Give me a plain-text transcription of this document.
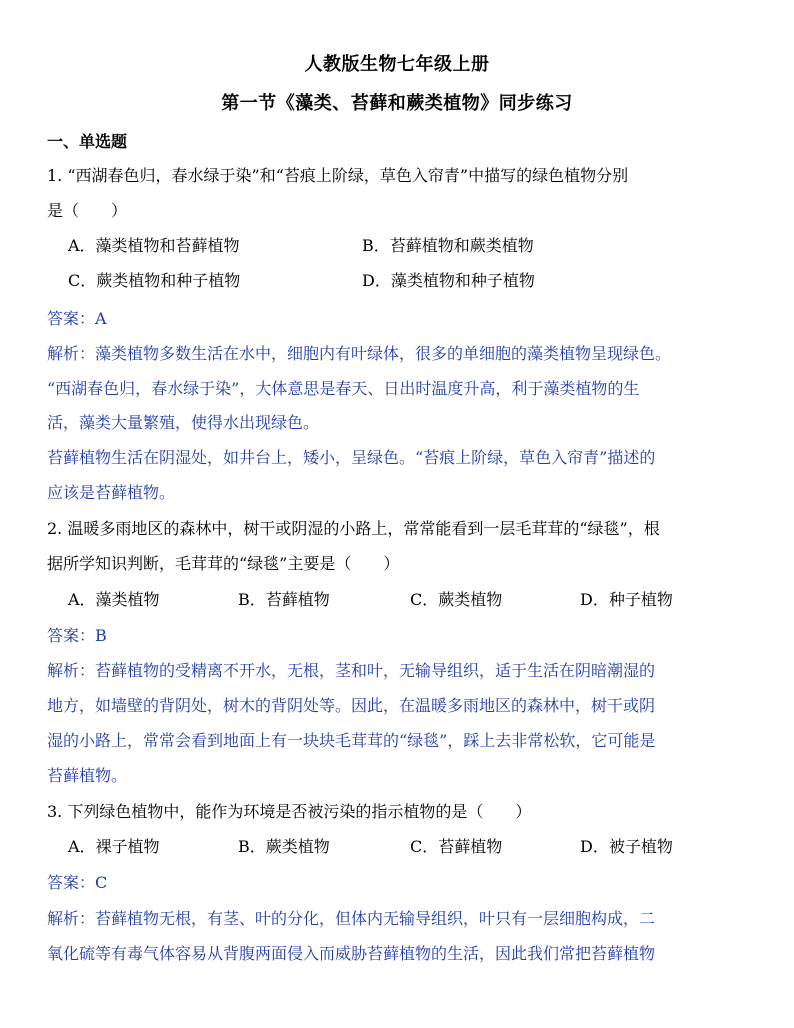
人教版生物七年级上册
第一节《藻类、苔藓和蕨类植物》同步练习
一、单选题
1. “西湖春色归，春水绿于染”和“苔痕上阶绿，草色入帘青”中描写的绿色植物分别
是（　　）
A．藻类植物和苔藓植物	B．苔藓植物和蕨类植物
C．蕨类植物和种子植物	D．藻类植物和种子植物
答案：A
解析：藻类植物多数生活在水中，细胞内有叶绿体，很多的单细胞的藻类植物呈现绿色。
“西湖春色归，春水绿于染”，大体意思是春天、日出时温度升高，利于藻类植物的生
活，藻类大量繁殖，使得水出现绿色。
苔藓植物生活在阴湿处，如井台上，矮小，呈绿色。“苔痕上阶绿，草色入帘青”描述的
应该是苔藓植物。
2. 温暖多雨地区的森林中，树干或阴湿的小路上，常常能看到一层毛茸茸的“绿毯”，根
据所学知识判断，毛茸茸的“绿毯”主要是（　　）
A．藻类植物	B．苔藓植物	C．蕨类植物	D．种子植物
答案：B
解析：苔藓植物的受精离不开水，无根，茎和叶，无输导组织，适于生活在阴暗潮湿的
地方，如墙壁的背阴处，树木的背阴处等。因此，在温暖多雨地区的森林中，树干或阴
湿的小路上，常常会看到地面上有一块块毛茸茸的“绿毯”，踩上去非常松软，它可能是
苔藓植物。
3. 下列绿色植物中，能作为环境是否被污染的指示植物的是（　　）
A．裸子植物	B．蕨类植物	C．苔藓植物	D．被子植物
答案：C
解析：苔藓植物无根，有茎、叶的分化，但体内无输导组织，叶只有一层细胞构成，二
氧化硫等有毒气体容易从背腹两面侵入而威胁苔藓植物的生活，因此我们常把苔藓植物
